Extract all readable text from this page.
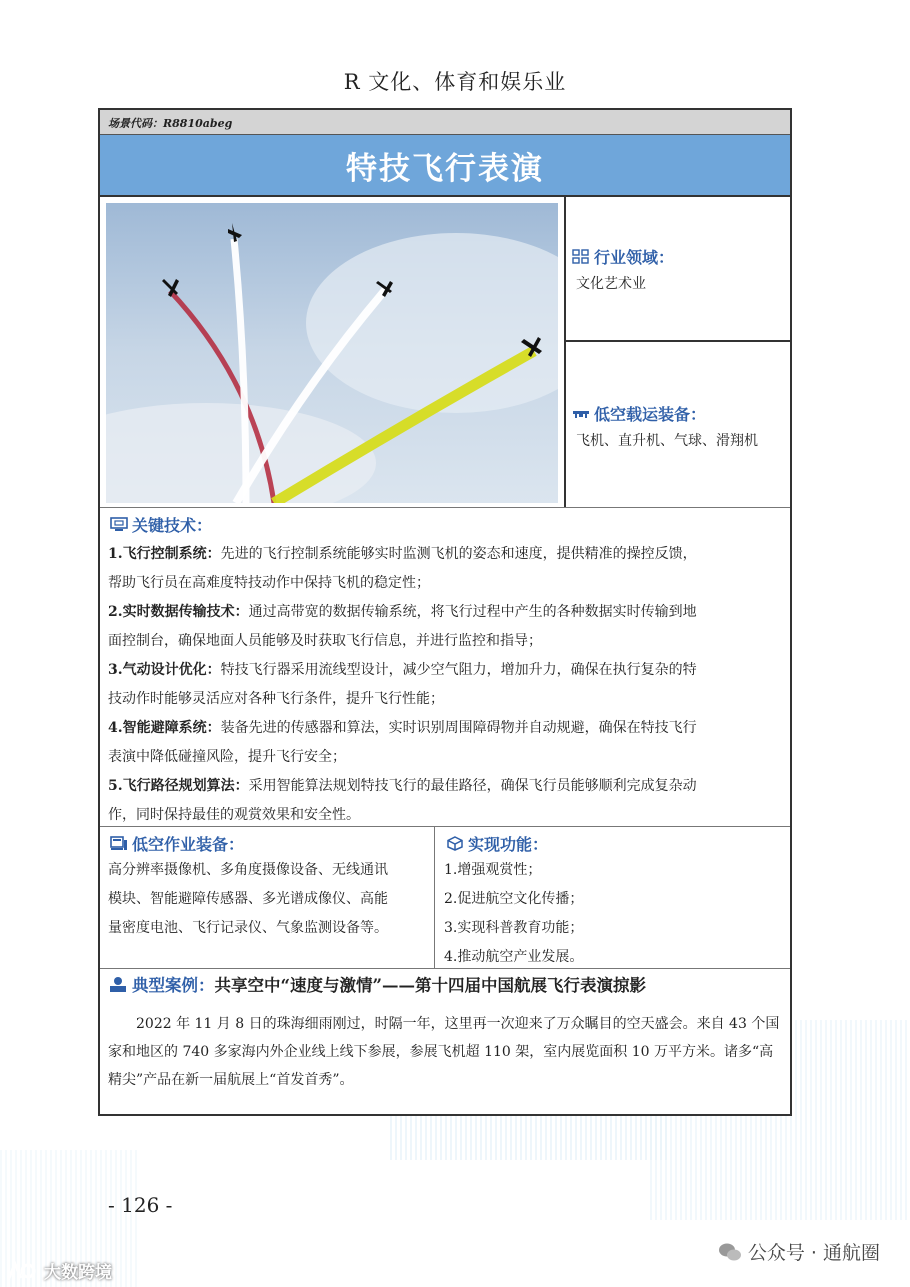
R 文化、体育和娱乐业
场景代码：R8810abeg
特技飞行表演
行业领域：
文化艺术业
低空载运装备：
飞机、直升机、气球、滑翔机
关键技术：
1.飞行控制系统：先进的飞行控制系统能够实时监测飞机的姿态和速度，提供精准的操控反馈，
帮助飞行员在高难度特技动作中保持飞机的稳定性；
2.实时数据传输技术：通过高带宽的数据传输系统，将飞行过程中产生的各种数据实时传输到地
面控制台，确保地面人员能够及时获取飞行信息，并进行监控和指导；
3.气动设计优化：特技飞行器采用流线型设计，减少空气阻力，增加升力，确保在执行复杂的特
技动作时能够灵活应对各种飞行条件，提升飞行性能；
4.智能避障系统：装备先进的传感器和算法，实时识别周围障碍物并自动规避，确保在特技飞行
表演中降低碰撞风险，提升飞行安全；
5.飞行路径规划算法：采用智能算法规划特技飞行的最佳路径，确保飞行员能够顺利完成复杂动
作，同时保持最佳的观赏效果和安全性。
低空作业装备：
高分辨率摄像机、多角度摄像设备、无线通讯
模块、智能避障传感器、多光谱成像仪、高能
量密度电池、飞行记录仪、气象监测设备等。
实现功能：
1.增强观赏性；
2.促进航空文化传播；
3.实现科普教育功能；
4.推动航空产业发展。
典型案例： 共享空中“速度与激情”——第十四届中国航展飞行表演掠影
2022 年 11 月 8 日的珠海细雨刚过，时隔一年，这里再一次迎来了万众瞩目的空天盛会。来自 43 个国家和地区的 740 多家海内外企业线上线下参展，参展飞机超 110 架，室内展览面积 10 万平方米。诸多“高精尖”产品在新一届航展上“首发首秀”。
- 126 -
公众号 · 通航圈
大数跨境
